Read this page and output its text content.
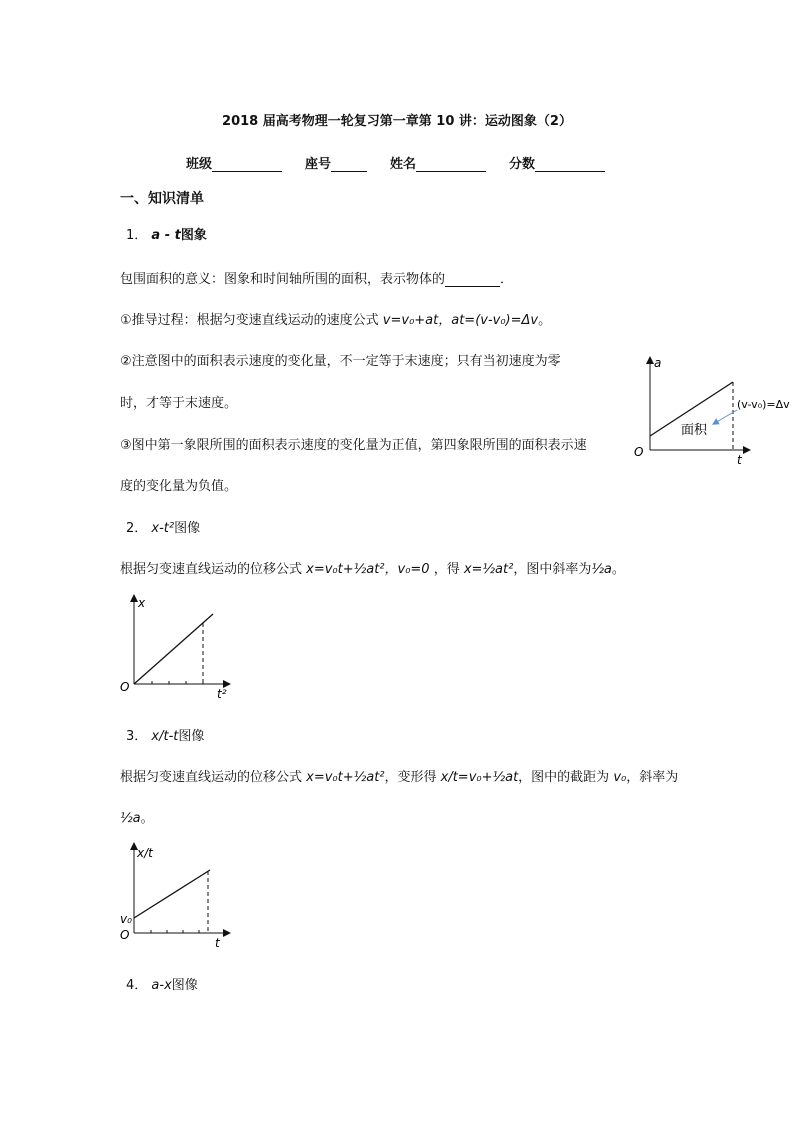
2018 届高考物理一轮复习第一章第 10 讲：运动图象（2）
班级	座号	姓名	分数
一、知识清单
1． a - t图象
包围面积的意义：图象和时间轴所围的面积，表示物体的	．
①推导过程：根据匀变速直线运动的速度公式 v=v₀+at，at=(v-v₀)=Δv。
②注意图中的面积表示速度的变化量，不一定等于末速度；只有当初速度为零
时，才等于末速度。
③图中第一象限所围的面积表示速度的变化量为正值，第四象限所围的面积表示速
度的变化量为负值。
a
t
O
面积
(v-v₀)=Δv
2． x-t²图像
根据匀变速直线运动的位移公式 x=v₀t+½at²，v₀=0 ，得 x=½at²，图中斜率为½a。
x
t²
O
3． x/t-t图像
根据匀变速直线运动的位移公式 x=v₀t+½at²，变形得 x/t=v₀+½at，图中的截距为 v₀，斜率为
½a。
x/t
t
O
v₀
4． a-x图像
